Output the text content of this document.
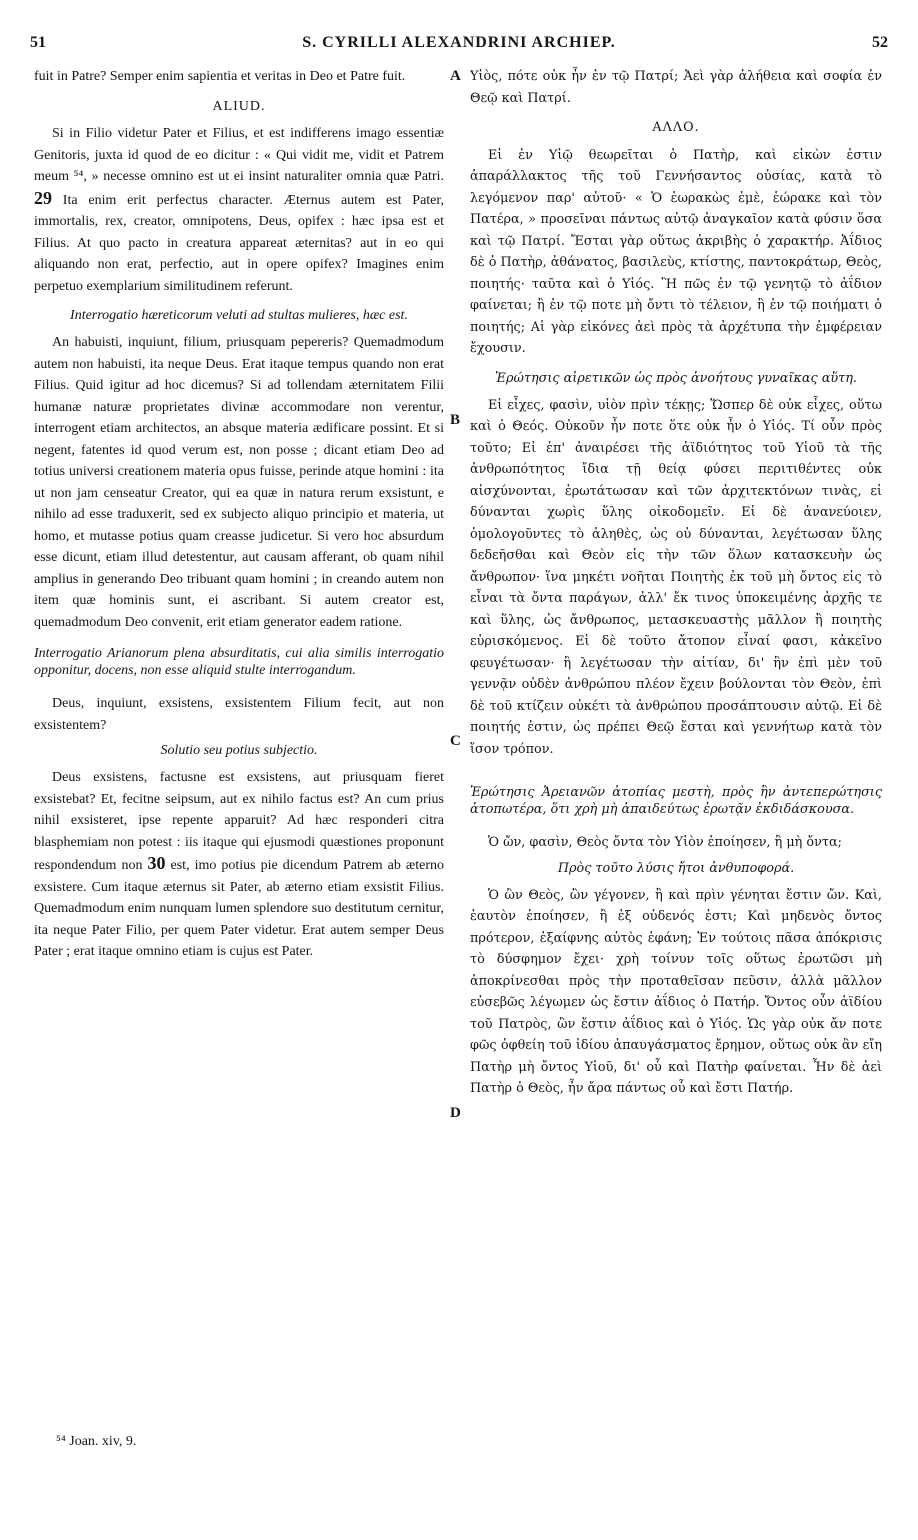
51	S. CYRILLI ALEXANDRINI ARCHIEP.	52
A
B
C
D

fuit in Patre? Semper enim sapientia et veritas in Deo et Patre fuit.

ALIUD.

Si in Filio videtur Pater et Filius, et est indifferens imago essentiæ Genitoris, juxta id quod de eo dicitur : « Qui vidit me, vidit et Patrem meum ⁵⁴, » necesse omnino est ut ei insint naturaliter omnia quæ Patri. 29 Ita enim erit perfectus character. Æternus autem est Pater, immortalis, rex, creator, omnipotens, Deus, opifex : hæc ipsa est et Filius. At quo pacto in creatura appareat æternitas? aut in eo qui aliquando non erat, perfectio, aut in opere opifex? Imagines enim perpetuo exemplarium similitudinem referunt.

Interrogatio hæreticorum veluti ad stultas mulieres, hæc est.

An habuisti, inquiunt, filium, priusquam pepereris? Quemadmodum autem non habuisti, ita neque Deus. Erat itaque tempus quando non erat Filius. Quid igitur ad hoc dicemus? Si ad tollendam æternitatem Filii humanæ naturæ proprietates divinæ accommodare non verentur, interrogent etiam architectos, an absque materia ædificare possint. Et si negent, fatentes id quod verum est, non posse ; dicant etiam Deo ad totius universi creationem materia opus fuisse, perinde atque homini : ita ut non jam censeatur Creator, qui ea quæ in natura rerum exsistunt, e nihilo ad esse traduxerit, sed ex subjecto aliquo principio et materia, ut homo, et mutasse potius quam creasse judicetur. Si vero hoc absurdum esse dicunt, etiam illud detestentur, aut causam afferant, ob quam nihil amplius in generando Deo tribuant quam homini ; in creando autem non item quæ hominis sunt, ei ascribant. Si autem creator est, quemadmodum Deo convenit, erit etiam generator eadem ratione.

Interrogatio Arianorum plena absurditatis, cui alia similis interrogatio opponitur, docens, non esse aliquid stulte interrogandum.

Deus, inquiunt, exsistens, exsistentem Filium fecit, aut non exsistentem?

Solutio seu potius subjectio.

Deus exsistens, factusne est exsistens, aut priusquam fieret exsistebat? Et, fecitne seipsum, aut ex nihilo factus est? An cum prius nihil exsisteret, ipse repente apparuit? Ad hæc responderi citra blasphemiam non potest : iis itaque qui ejusmodi quæstiones proponunt respondendum non 30 est, imo potius pie dicendum Patrem ab æterno exsistere. Cum itaque æternus sit Pater, ab æterno etiam exsistit Filius. Quemadmodum enim nunquam lumen splendore suo destitutum cernitur, ita neque Pater Filio, per quem Pater videtur. Erat autem semper Deus Pater ; erat itaque omnino etiam is cujus est Pater.

Υἱὸς, πότε οὐκ ἦν ἐν τῷ Πατρί; Ἀεὶ γὰρ ἀλήθεια καὶ σοφία ἐν Θεῷ καὶ Πατρί.

ΑΛΛΟ.

Εἰ ἐν Υἱῷ θεωρεῖται ὁ Πατὴρ, καὶ εἰκὼν ἐστιν ἀπαράλλακτος τῆς τοῦ Γεννήσαντος οὐσίας, κατὰ τὸ λεγόμενον παρ' αὐτοῦ· « Ὁ ἑωρακὼς ἐμὲ, ἑώρακε καὶ τὸν Πατέρα, » προσεῖναι πάντως αὐτῷ ἀναγκαῖον κατὰ φύσιν ὅσα καὶ τῷ Πατρί. Ἔσται γὰρ οὕτως ἀκριβὴς ὁ χαρακτήρ. Ἀΐδιος δὲ ὁ Πατὴρ, ἀθάνατος, βασιλεὺς, κτίστης, παντοκράτωρ, Θεὸς, ποιητής· ταῦτα καὶ ὁ Υἱός. Ἢ πῶς ἐν τῷ γενητῷ τὸ ἀΐδιον φαίνεται; ἢ ἐν τῷ ποτε μὴ ὄντι τὸ τέλειον, ἢ ἐν τῷ ποιήματι ὁ ποιητής; Αἱ γὰρ εἰκόνες ἀεὶ πρὸς τὰ ἀρχέτυπα τὴν ἐμφέρειαν ἔχουσιν.

Ἐρώτησις αἱρετικῶν ὡς πρὸς ἀνοήτους γυναῖκας αὕτη.

Εἰ εἶχες, φασὶν, υἱὸν πρὶν τέκῃς; Ὥσπερ δὲ οὐκ εἶχες, οὕτω καὶ ὁ Θεός. Οὐκοῦν ἦν ποτε ὅτε οὐκ ἦν ὁ Υἱός. Τί οὖν πρὸς τοῦτο; Εἰ ἐπ' ἀναιρέσει τῆς ἀϊδιότητος τοῦ Υἱοῦ τὰ τῆς ἀνθρωπότητος ἴδια τῇ θείᾳ φύσει περιτιθέντες οὐκ αἰσχύνονται, ἐρωτάτωσαν καὶ τῶν ἀρχιτεκτόνων τινὰς, εἰ δύνανται χωρὶς ὕλης οἰκοδομεῖν. Εἰ δὲ ἀνανεύοιεν, ὁμολογοῦντες τὸ ἀληθὲς, ὡς οὐ δύνανται, λεγέτωσαν ὕλης δεδεῆσθαι καὶ Θεὸν εἰς τὴν τῶν ὅλων κατασκευὴν ὡς ἄνθρωπον· ἵνα μηκέτι νοῆται Ποιητὴς ἐκ τοῦ μὴ ὄντος εἰς τὸ εἶναι τὰ ὄντα παράγων, ἀλλ' ἔκ τινος ὑποκειμένης ἀρχῆς τε καὶ ὕλης, ὡς ἄνθρωπος, μετασκευαστὴς μᾶλλον ἢ ποιητὴς εὑρισκόμενος. Εἰ δὲ τοῦτο ἄτοπον εἶναί φασι, κἀκεῖνο φευγέτωσαν· ἢ λεγέτωσαν τὴν αἰτίαν, δι' ἣν ἐπὶ μὲν τοῦ γεννᾷν οὐδὲν ἀνθρώπου πλέον ἔχειν βούλονται τὸν Θεὸν, ἐπὶ δὲ τοῦ κτίζειν οὐκέτι τὰ ἀνθρώπου προσάπτουσιν αὐτῷ. Εἰ δὲ ποιητής ἐστιν, ὡς πρέπει Θεῷ ἔσται καὶ γεννήτωρ κατὰ τὸν ἴσον τρόπον.

Ἐρώτησις Ἀρειανῶν ἀτοπίας μεστὴ, πρὸς ἣν ἀντεπερώτησις ἀτοπωτέρα, ὅτι χρὴ μὴ ἀπαιδεύτως ἐρωτᾷν ἐκδιδάσκουσα.

Ὁ ὤν, φασὶν, Θεὸς ὄντα τὸν Υἱὸν ἐποίησεν, ἢ μὴ ὄντα;

Πρὸς τοῦτο λύσις ἤτοι ἀνθυποφορά.

Ὁ ὢν Θεὸς, ὢν γέγονεν, ἢ καὶ πρὶν γένηται ἔστιν ὤν. Καὶ, ἑαυτὸν ἐποίησεν, ἢ ἐξ οὐδενός ἐστι; Καὶ μηδενὸς ὄντος πρότερον, ἐξαίφνης αὐτὸς ἐφάνη; Ἐν τούτοις πᾶσα ἀπόκρισις τὸ δύσφημον ἔχει· χρὴ τοίνυν τοῖς οὕτως ἐρωτῶσι μὴ ἀποκρίνεσθαι πρὸς τὴν προταθεῖσαν πεῦσιν, ἀλλὰ μᾶλλον εὐσεβῶς λέγωμεν ὡς ἔστιν ἀΐδιος ὁ Πατήρ. Ὄντος οὖν ἀϊδίου τοῦ Πατρὸς, ὢν ἔστιν ἀΐδιος καὶ ὁ Υἱός. Ὡς γὰρ οὐκ ἄν ποτε φῶς ὀφθείη τοῦ ἰδίου ἀπαυγάσματος ἔρημον, οὕτως οὐκ ἂν εἴη Πατὴρ μὴ ὄντος Υἱοῦ, δι' οὗ καὶ Πατὴρ φαίνεται. Ἦν δὲ ἀεὶ Πατὴρ ὁ Θεὸς, ἦν ἄρα πάντως οὗ καὶ ἔστι Πατήρ.

⁵⁴ Joan. xiv, 9.
